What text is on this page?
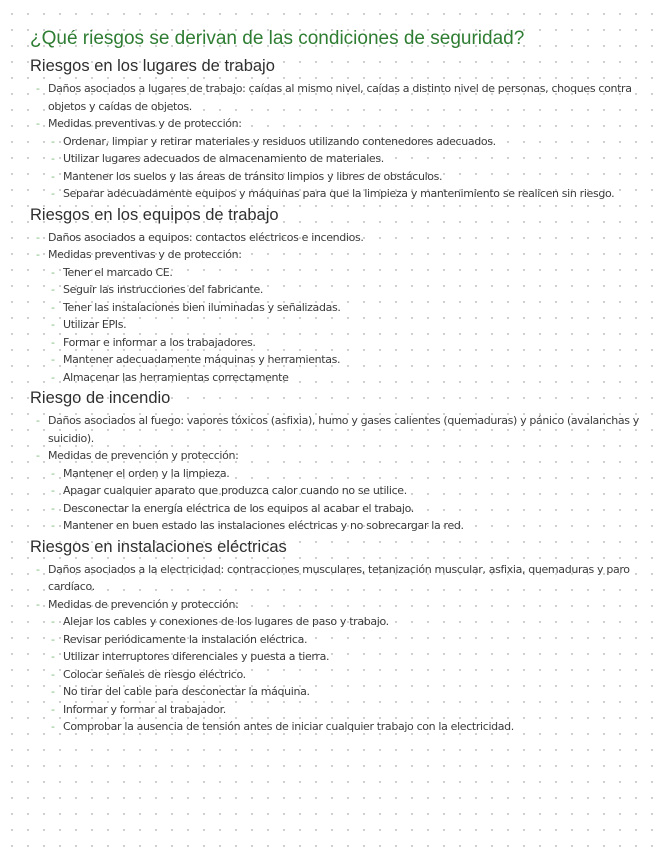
¿Qué riesgos se derivan de las condiciones de seguridad?
Riesgos en los lugares de trabajo
- Daños asociados a lugares de trabajo: caídas al mismo nivel, caídas a distinto nivel de personas, choques contra objetos y caídas de objetos.
- Medidas preventivas y de protección:
- Ordenar, limpiar y retirar materiales y residuos utilizando contenedores adecuados.
- Utilizar lugares adecuados de almacenamiento de materiales.
- Mantener los suelos y las áreas de tránsito limpios y libres de obstáculos.
- Separar adecuadamente equipos y máquinas para que la limpieza y mantenimiento se realicen sin riesgo.
Riesgos en los equipos de trabajo
- Daños asociados a equipos: contactos eléctricos e incendios.
- Medidas preventivas y de protección:
- Tener el marcado CE.
- Seguir las instrucciones del fabricante.
- Tener las instalaciones bien iluminadas y señalizadas.
- Utilizar EPIs.
- Formar e informar a los trabajadores.
- Mantener adecuadamente máquinas y herramientas.
- Almacenar las herramientas correctamente
Riesgo de incendio
- Daños asociados al fuego: vapores tóxicos (asfixia), humo y gases calientes (quemaduras) y pánico (avalanchas y suicidio).
- Medidas de prevención y protección:
- Mantener el orden y la limpieza.
- Apagar cualquier aparato que produzca calor cuando no se utilice.
- Desconectar la energía eléctrica de los equipos al acabar el trabajo.
- Mantener en buen estado las instalaciones eléctricas y no sobrecargar la red.
Riesgos en instalaciones eléctricas
- Daños asociados a la electricidad: contracciones musculares, tetanización muscular, asfixia, quemaduras y paro cardíaco.
- Medidas de prevención y protección:
- Alejar los cables y conexiones de los lugares de paso y trabajo.
- Revisar periódicamente la instalación eléctrica.
- Utilizar interruptores diferenciales y puesta a tierra.
- Colocar señales de riesgo eléctrico.
- No tirar del cable para desconectar la máquina.
- Informar y formar al trabajador.
- Comprobar la ausencia de tensión antes de iniciar cualquier trabajo con la electricidad.
